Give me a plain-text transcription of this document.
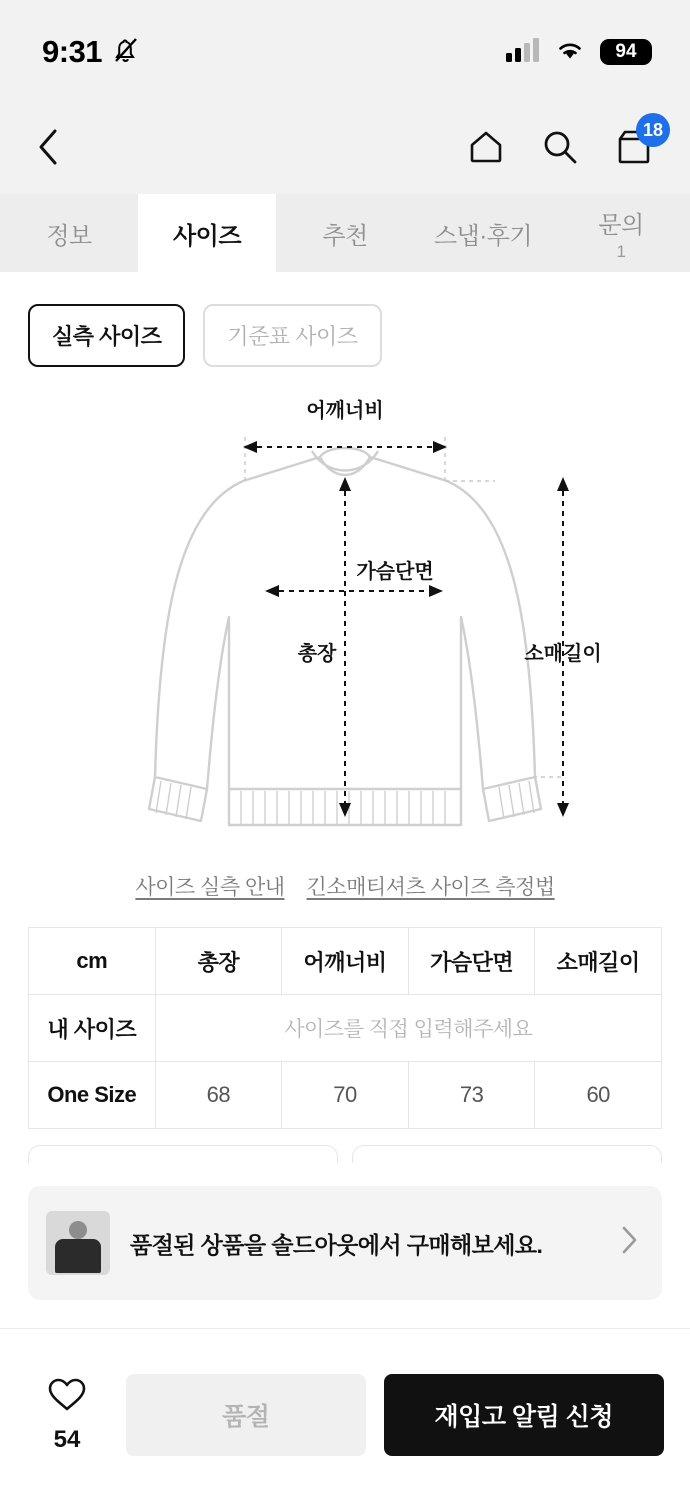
9:31	94
18
정보	사이즈	추천	스냅·후기	문의
1
실측 사이즈	기준표 사이즈
어깨너비
가슴단면
총장	소매길이
사이즈 실측 안내 긴소매티셔츠 사이즈 측정법
cm	총장	어깨너비	가슴단면	소매길이
내 사이즈	사이즈를 직접 입력해주세요			
One Size	68	70	73	60
품절된 상품을 솔드아웃에서 구매해보세요.
54
품절	재입고 알림 신청
